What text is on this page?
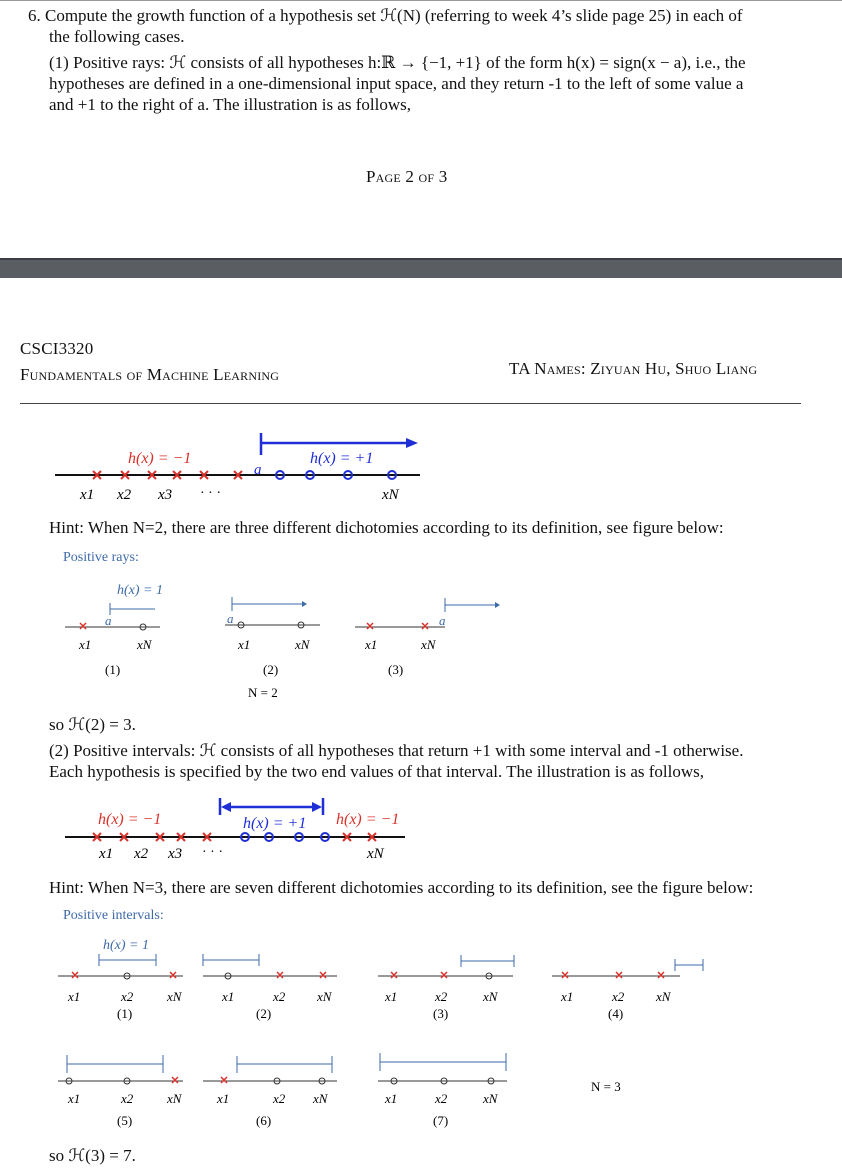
6. Compute the growth function of a hypothesis set ℋ(N) (referring to week 4’s slide page 25) in each of
the following cases.
(1) Positive rays: ℋ consists of all hypotheses h:ℝ → {−1, +1} of the form h(x) = sign(x − a), i.e., the
hypotheses are defined in a one-dimensional input space, and they return -1 to the left of some value a
and +1 to the right of a. The illustration is as follows,
Page 2 of 3
CSCI3320
Fundamentals of Machine Learning	TA Names: Ziyuan Hu, Shuo Liang
h(x) = −1	h(x) = +1
a
x1 x2 x3 · · ·	xN
Hint: When N=2, there are three different dichotomies according to its definition, see figure below:
Positive rays:
h(x) = 1
a
x1	xN
(1)
a
x1	xN
(2)
N = 2
a
x1	xN
(3)
so ℋ(2) = 3.
(2) Positive intervals: ℋ consists of all hypotheses that return +1 with some interval and -1 otherwise.
Each hypothesis is specified by the two end values of that interval. The illustration is as follows,
h(x) = −1	h(x) = +1 h(x) = −1
x1 x2 x3 · · ·	xN
Hint: When N=3, there are seven different dichotomies according to its definition, see the figure below:
Positive intervals:
h(x) = 1
x1	x2	xN
(1)
x1	x2 xN
(2)
x1	x2	xN
(3)
x1	x2 xN
(4)
x1	x2	xN
(5)
x1	x2 xN
(6)
x1	x2	xN
(7)
N = 3
so ℋ(3) = 7.
